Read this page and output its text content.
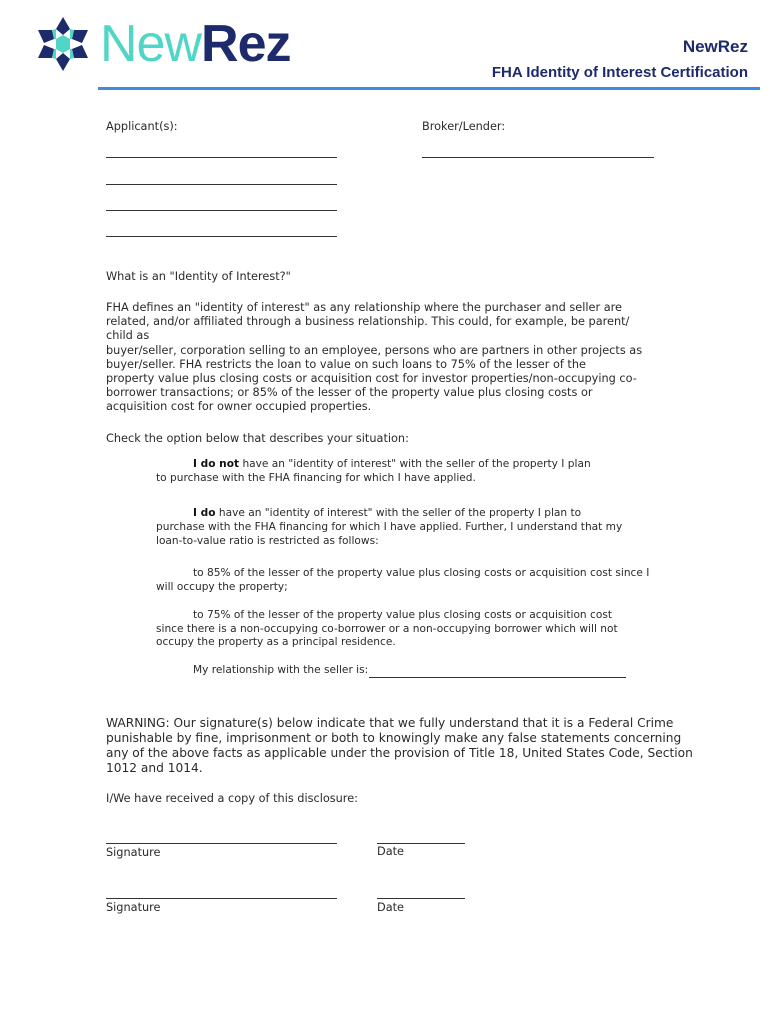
NewRez	NewRez
FHA Identity of Interest Certification
Applicant(s):	Broker/Lender:
What is an "Identity of Interest?"
FHA defines an "identity of interest" as any relationship where the purchaser and seller are
related, and/or affiliated through a business relationship. This could, for example, be parent/
child as
buyer/seller, corporation selling to an employee, persons who are partners in other projects as
buyer/seller. FHA restricts the loan to value on such loans to 75% of the lesser of the
property value plus closing costs or acquisition cost for investor properties/non-occupying co-
borrower transactions; or 85% of the lesser of the property value plus closing costs or
acquisition cost for owner occupied properties.
Check the option below that describes your situation:
I do not have an "identity of interest" with the seller of the property I plan
to purchase with the FHA financing for which I have applied.
I do have an "identity of interest" with the seller of the property I plan to
purchase with the FHA financing for which I have applied. Further, I understand that my
loan-to-value ratio is restricted as follows:
to 85% of the lesser of the property value plus closing costs or acquisition cost since I
will occupy the property;
to 75% of the lesser of the property value plus closing costs or acquisition cost
since there is a non-occupying co-borrower or a non-occupying borrower which will not
occupy the property as a principal residence.
My relationship with the seller is:
WARNING: Our signature(s) below indicate that we fully understand that it is a Federal Crime
punishable by fine, imprisonment or both to knowingly make any false statements concerning
any of the above facts as applicable under the provision of Title 18, United States Code, Section
1012 and 1014.
I/We have received a copy of this disclosure:
Signature	Date
Signature	Date
